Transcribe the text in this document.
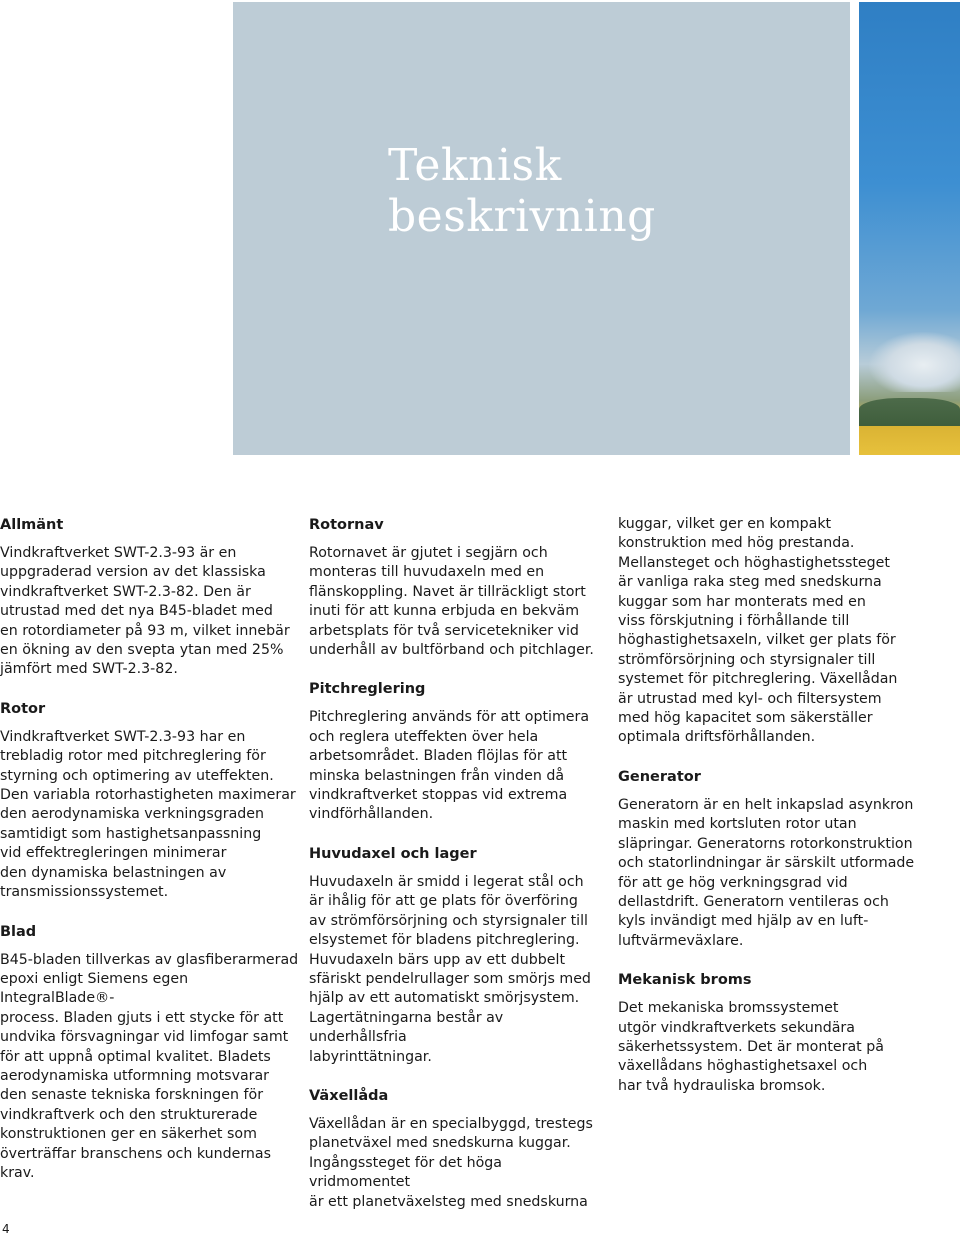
Teknisk
beskrivning
Allmänt

Vindkraftverket SWT-2.3-93 är en
uppgraderad version av det klassiska
vindkraftverket SWT-2.3-82. Den är
utrustad med det nya B45-bladet med
en rotordiameter på 93 m, vilket innebär
en ökning av den svepta ytan med 25%
jämfört med SWT-2.3-82.

Rotor

Vindkraftverket SWT-2.3-93 har en
trebladig rotor med pitchreglering för
styrning och optimering av uteffekten.
Den variabla rotorhastigheten maximerar
den aerodynamiska verkningsgraden
samtidigt som hastighetsanpassning
vid effektregleringen minimerar
den dynamiska belastningen av
transmissionssystemet.

Blad

B45-bladen tillverkas av glasfiberarmerad
epoxi enligt Siemens egen IntegralBlade®-
process. Bladen gjuts i ett stycke för att
undvika försvagningar vid limfogar samt
för att uppnå optimal kvalitet. Bladets
aerodynamiska utformning motsvarar
den senaste tekniska forskningen för
vindkraftverk och den strukturerade
konstruktionen ger en säkerhet som
överträffar branschens och kundernas
krav.

Rotornav

Rotornavet är gjutet i segjärn och
monteras till huvudaxeln med en
flänskoppling. Navet är tillräckligt stort
inuti för att kunna erbjuda en bekväm
arbetsplats för två servicetekniker vid
underhåll av bultförband och pitchlager.

Pitchreglering

Pitchreglering används för att optimera
och reglera uteffekten över hela
arbetsområdet. Bladen flöjlas för att
minska belastningen från vinden då
vindkraftverket stoppas vid extrema
vindförhållanden.

Huvudaxel och lager

Huvudaxeln är smidd i legerat stål och
är ihålig för att ge plats för överföring
av strömförsörjning och styrsignaler till
elsystemet för bladens pitchreglering.
Huvudaxeln bärs upp av ett dubbelt
sfäriskt pendelrullager som smörjs med
hjälp av ett automatiskt smörjsystem.
Lagertätningarna består av underhållsfria
labyrinttätningar.

Växellåda

Växellådan är en specialbyggd, trestegs
planetväxel med snedskurna kuggar.
Ingångssteget för det höga vridmomentet
är ett planetväxelsteg med snedskurna

kuggar, vilket ger en kompakt
konstruktion med hög prestanda.
Mellansteget och höghastighetssteget
är vanliga raka steg med snedskurna
kuggar som har monterats med en
viss förskjutning i förhållande till
höghastighetsaxeln, vilket ger plats för
strömförsörjning och styrsignaler till
systemet för pitchreglering. Växellådan
är utrustad med kyl- och filtersystem
med hög kapacitet som säkerställer
optimala driftsförhållanden.

Generator

Generatorn är en helt inkapslad asynkron
maskin med kortsluten rotor utan
släpringar. Generatorns rotorkonstruktion
och statorlindningar är särskilt utformade
för att ge hög verkningsgrad vid
dellastdrift. Generatorn ventileras och
kyls invändigt med hjälp av en luft-
luftvärmeväxlare.

Mekanisk broms

Det mekaniska bromssystemet
utgör vindkraftverkets sekundära
säkerhetssystem. Det är monterat på
växellådans höghastighetsaxel och
har två hydrauliska bromsok.

4
